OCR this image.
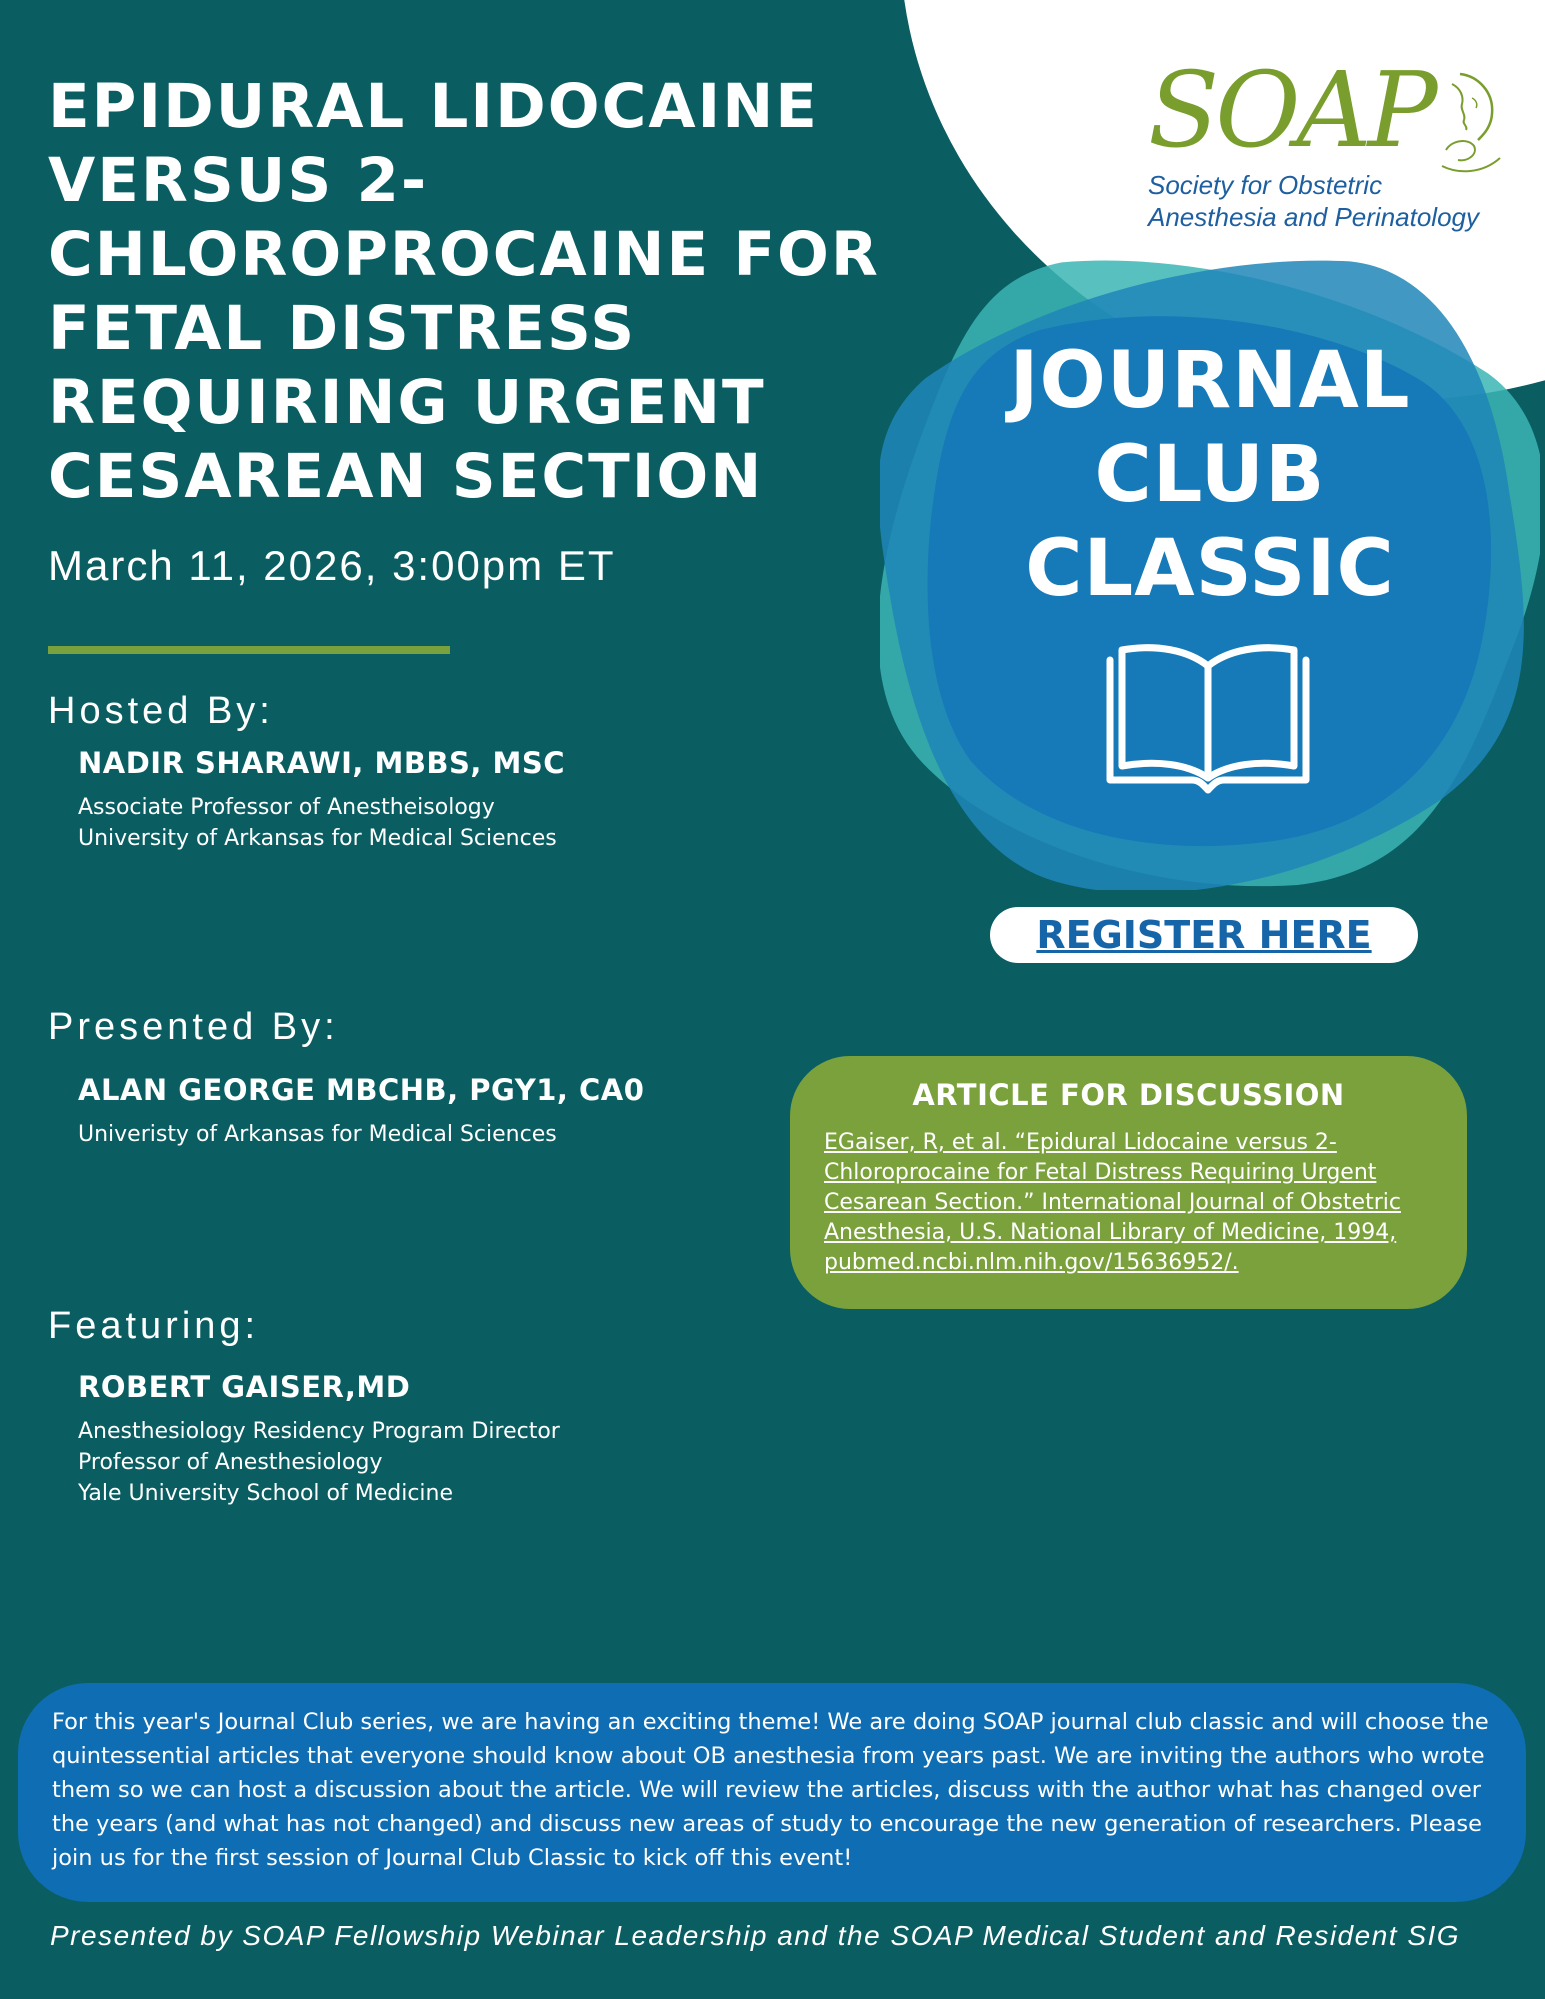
SOAP
Society for Obstetric
Anesthesia and Perinatology
JOURNAL
CLUB
CLASSIC
REGISTER HERE
EPIDURAL LIDOCAINE VERSUS 2-CHLOROPROCAINE FOR FETAL DISTRESS REQUIRING URGENT CESAREAN SECTION
March 11, 2026, 3:00pm ET
Hosted By:
NADIR SHARAWI, MBBS, MSC
Associate Professor of Anestheisology
University of Arkansas for Medical Sciences
Presented By:
ALAN GEORGE MBCHB, PGY1, CA0
Univeristy of Arkansas for Medical Sciences
Featuring:
ROBERT GAISER,MD
Anesthesiology Residency Program Director
Professor of Anesthesiology
Yale University School of Medicine
ARTICLE FOR DISCUSSION
EGaiser, R, et al. “Epidural Lidocaine versus 2-Chloroprocaine for Fetal Distress Requiring Urgent Cesarean Section.” International Journal of Obstetric Anesthesia, U.S. National Library of Medicine, 1994, pubmed.ncbi.nlm.nih.gov/15636952/.
For this year's Journal Club series, we are having an exciting theme! We are doing SOAP journal club classic and will choose the quintessential articles that everyone should know about OB anesthesia from years past. We are inviting the authors who wrote them so we can host a discussion about the article. We will review the articles, discuss with the author what has changed over the years (and what has not changed) and discuss new areas of study to encourage the new generation of researchers. Please join us for the first session of Journal Club Classic to kick off this event!
Presented by SOAP Fellowship Webinar Leadership and the SOAP Medical Student and Resident SIG
